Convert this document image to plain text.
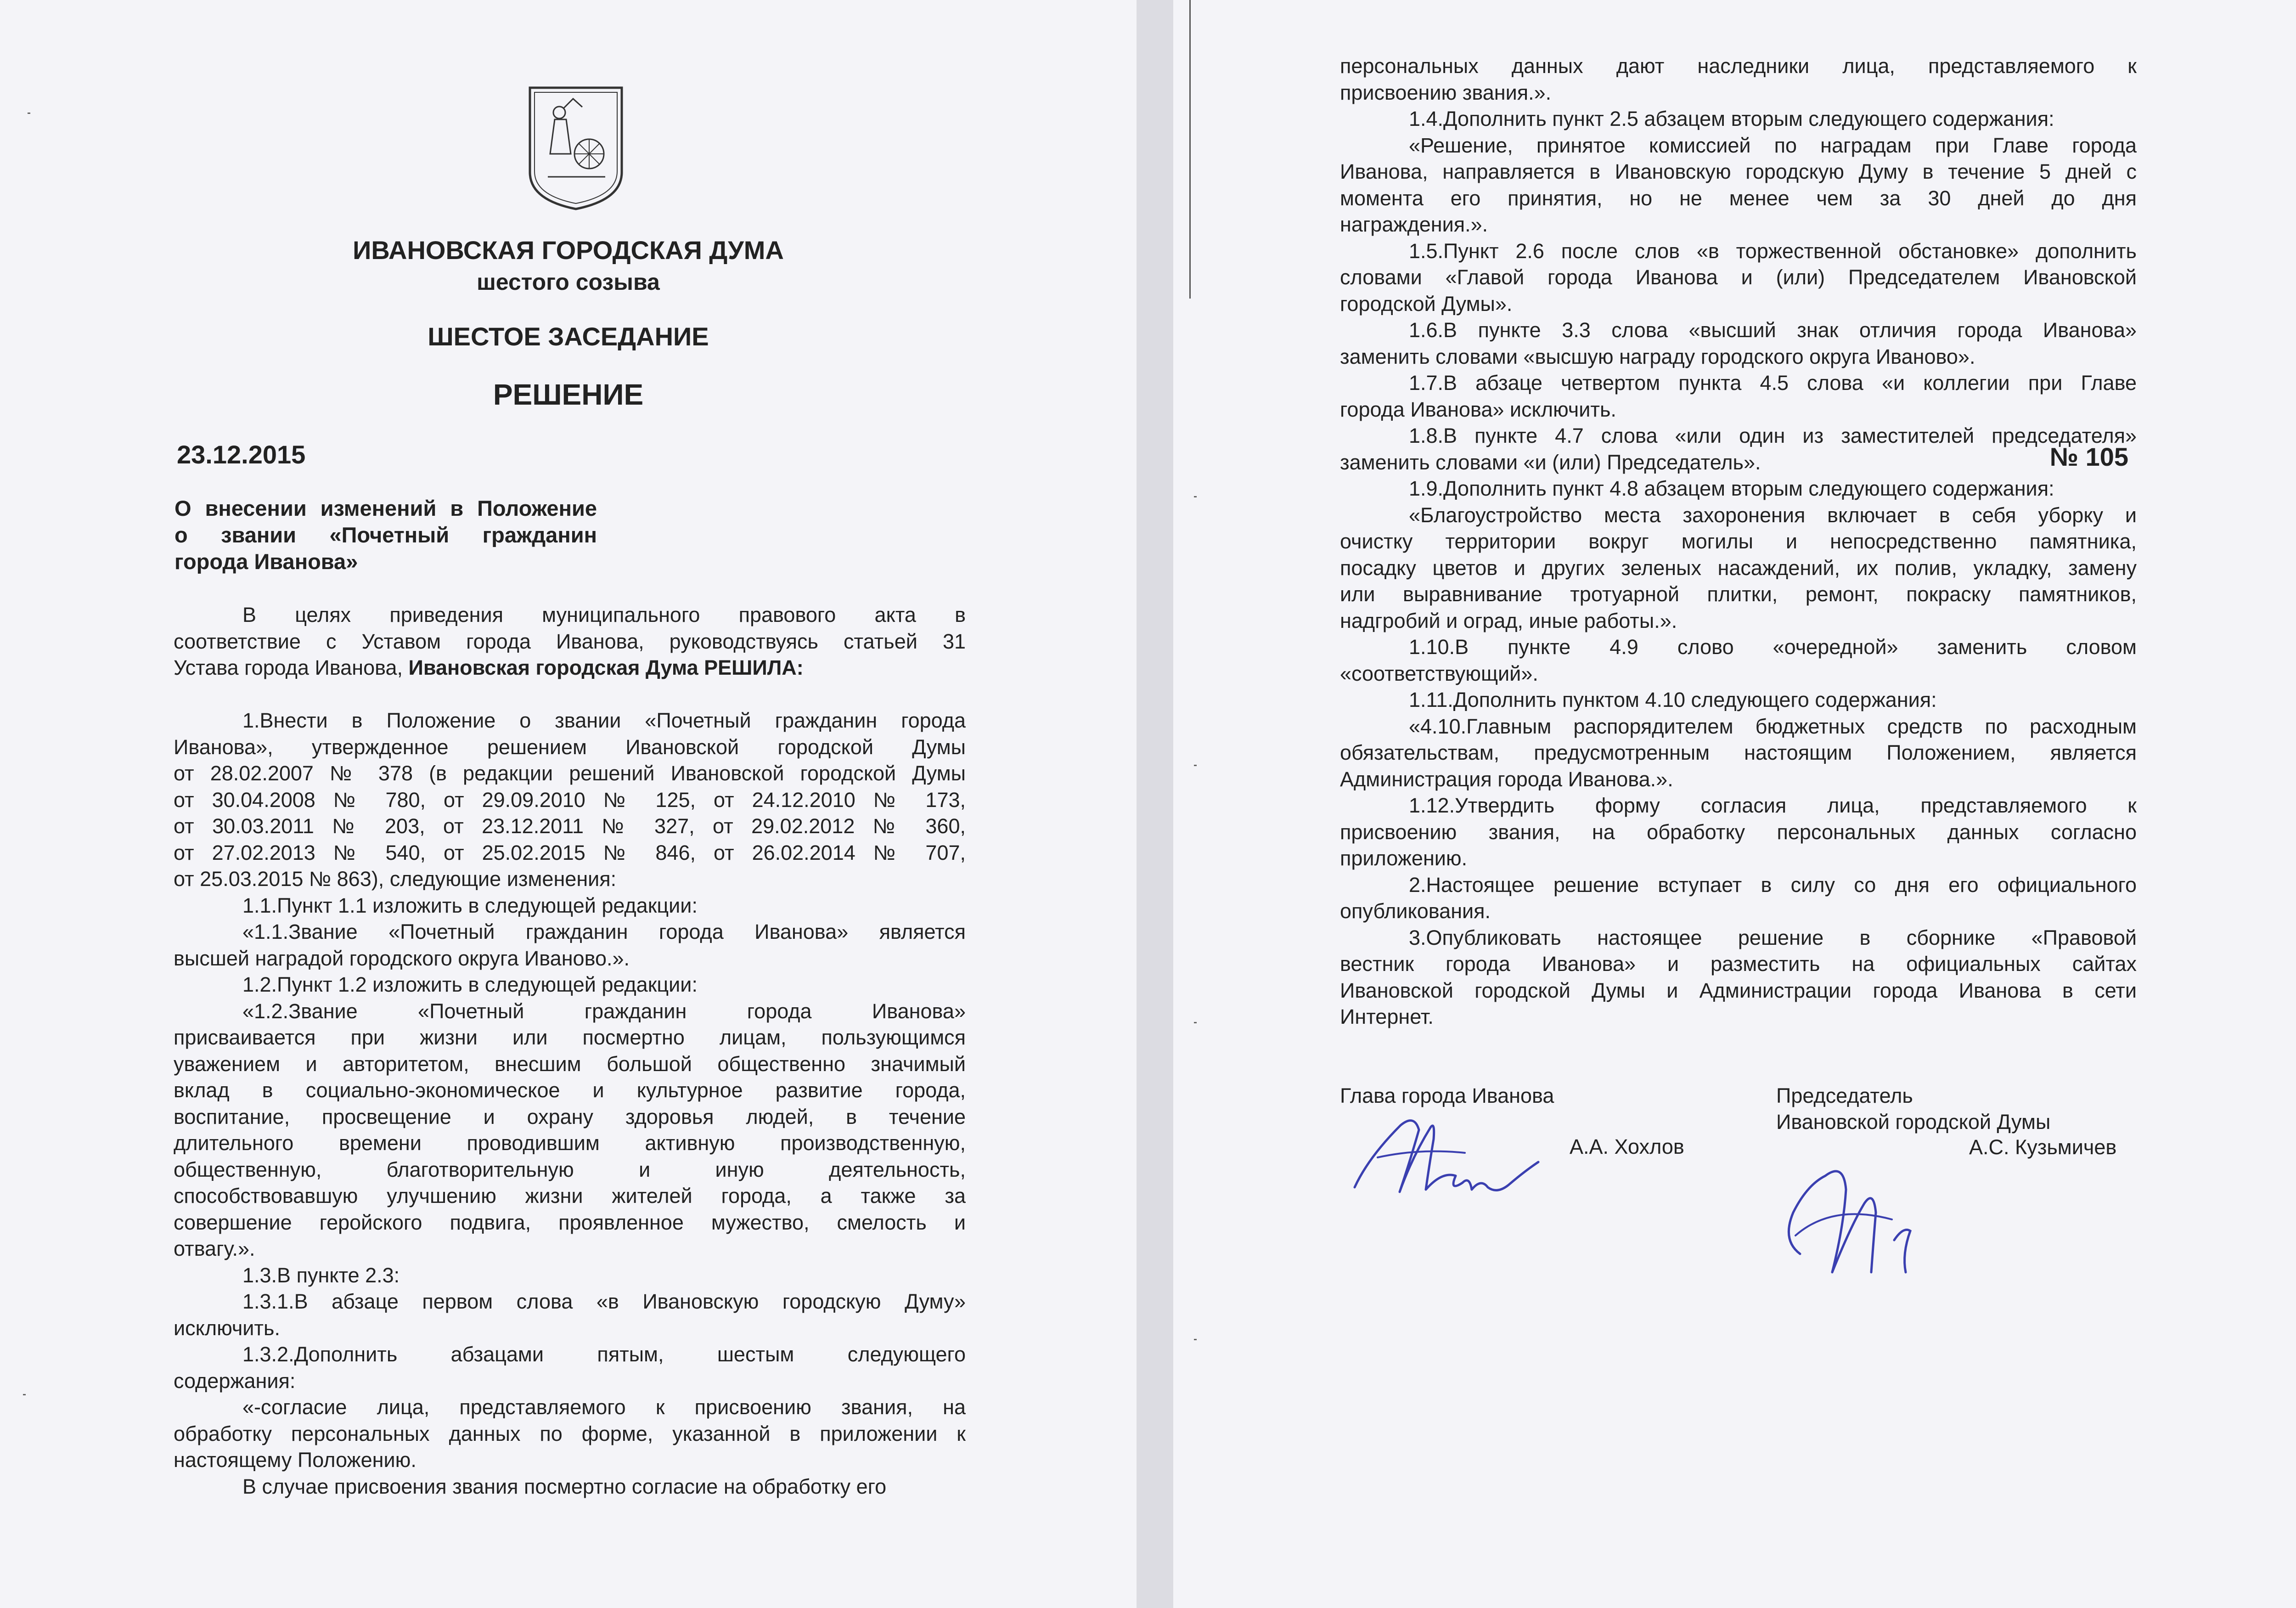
ИВАНОВСКАЯ ГОРОДСКАЯ ДУМА
шестого созыва
ШЕСТОЕ ЗАСЕДАНИЕ
РЕШЕНИЕ
23.12.2015	№ 105
О внесении изменений в Положение
о звании «Почетный гражданин
города Иванова»
В целях приведения муниципального правового акта в
соответствие с Уставом города Иванова, руководствуясь статьей 31
Устава города Иванова, Ивановская городская Дума РЕШИЛА:
1.Внести в Положение о звании «Почетный гражданин города
Иванова», утвержденное решением Ивановской городской Думы
от 28.02.2007 № 378 (в редакции решений Ивановской городской Думы
от 30.04.2008 № 780, от 29.09.2010 № 125, от 24.12.2010 № 173,
от 30.03.2011 № 203, от 23.12.2011 № 327, от 29.02.2012 № 360,
от 27.02.2013 № 540, от 25.02.2015 № 846, от 26.02.2014 № 707,
от 25.03.2015 № 863), следующие изменения:
1.1.Пункт 1.1 изложить в следующей редакции:
«1.1.Звание «Почетный гражданин города Иванова» является
высшей наградой городского округа Иваново.».
1.2.Пункт 1.2 изложить в следующей редакции:
«1.2.Звание «Почетный гражданин города Иванова»
присваивается при жизни или посмертно лицам, пользующимся
уважением и авторитетом, внесшим большой общественно значимый
вклад в социально-экономическое и культурное развитие города,
воспитание, просвещение и охрану здоровья людей, в течение
длительного времени проводившим активную производственную,
общественную, благотворительную и иную деятельность,
способствовавшую улучшению жизни жителей города, а также за
совершение геройского подвига, проявленное мужество, смелость и
отвагу.».
1.3.В пункте 2.3:
1.3.1.В абзаце первом слова «в Ивановскую городскую Думу»
исключить.
1.3.2.Дополнить абзацами пятым, шестым следующего
содержания:
«-согласие лица, представляемого к присвоению звания, на
обработку персональных данных по форме, указанной в приложении к
настоящему Положению.
В случае присвоения звания посмертно согласие на обработку его
персональных данных дают наследники лица, представляемого к
присвоению звания.».
1.4.Дополнить пункт 2.5 абзацем вторым следующего содержания:
«Решение, принятое комиссией по наградам при Главе города
Иванова, направляется в Ивановскую городскую Думу в течение 5 дней с
момента его принятия, но не менее чем за 30 дней до дня
награждения.».
1.5.Пункт 2.6 после слов «в торжественной обстановке» дополнить
словами «Главой города Иванова и (или) Председателем Ивановской
городской Думы».
1.6.В пункте 3.3 слова «высший знак отличия города Иванова»
заменить словами «высшую награду городского округа Иваново».
1.7.В абзаце четвертом пункта 4.5 слова «и коллегии при Главе
города Иванова» исключить.
1.8.В пункте 4.7 слова «или один из заместителей председателя»
заменить словами «и (или) Председатель».
1.9.Дополнить пункт 4.8 абзацем вторым следующего содержания:
«Благоустройство места захоронения включает в себя уборку и
очистку территории вокруг могилы и непосредственно памятника,
посадку цветов и других зеленых насаждений, их полив, укладку, замену
или выравнивание тротуарной плитки, ремонт, покраску памятников,
надгробий и оград, иные работы.».
1.10.В пункте 4.9 слово «очередной» заменить словом
«соответствующий».
1.11.Дополнить пунктом 4.10 следующего содержания:
«4.10.Главным распорядителем бюджетных средств по расходным
обязательствам, предусмотренным настоящим Положением, является
Администрация города Иванова.».
1.12.Утвердить форму согласия лица, представляемого к
присвоению звания, на обработку персональных данных согласно
приложению.
2.Настоящее решение вступает в силу со дня его официального
опубликования.
3.Опубликовать настоящее решение в сборнике «Правовой
вестник города Иванова» и разместить на официальных сайтах
Ивановской городской Думы и Администрации города Иванова в сети
Интернет.
Глава города Иванова	Председатель
Ивановской городской Думы
А.А. Хохлов	А.С. Кузьмичев
